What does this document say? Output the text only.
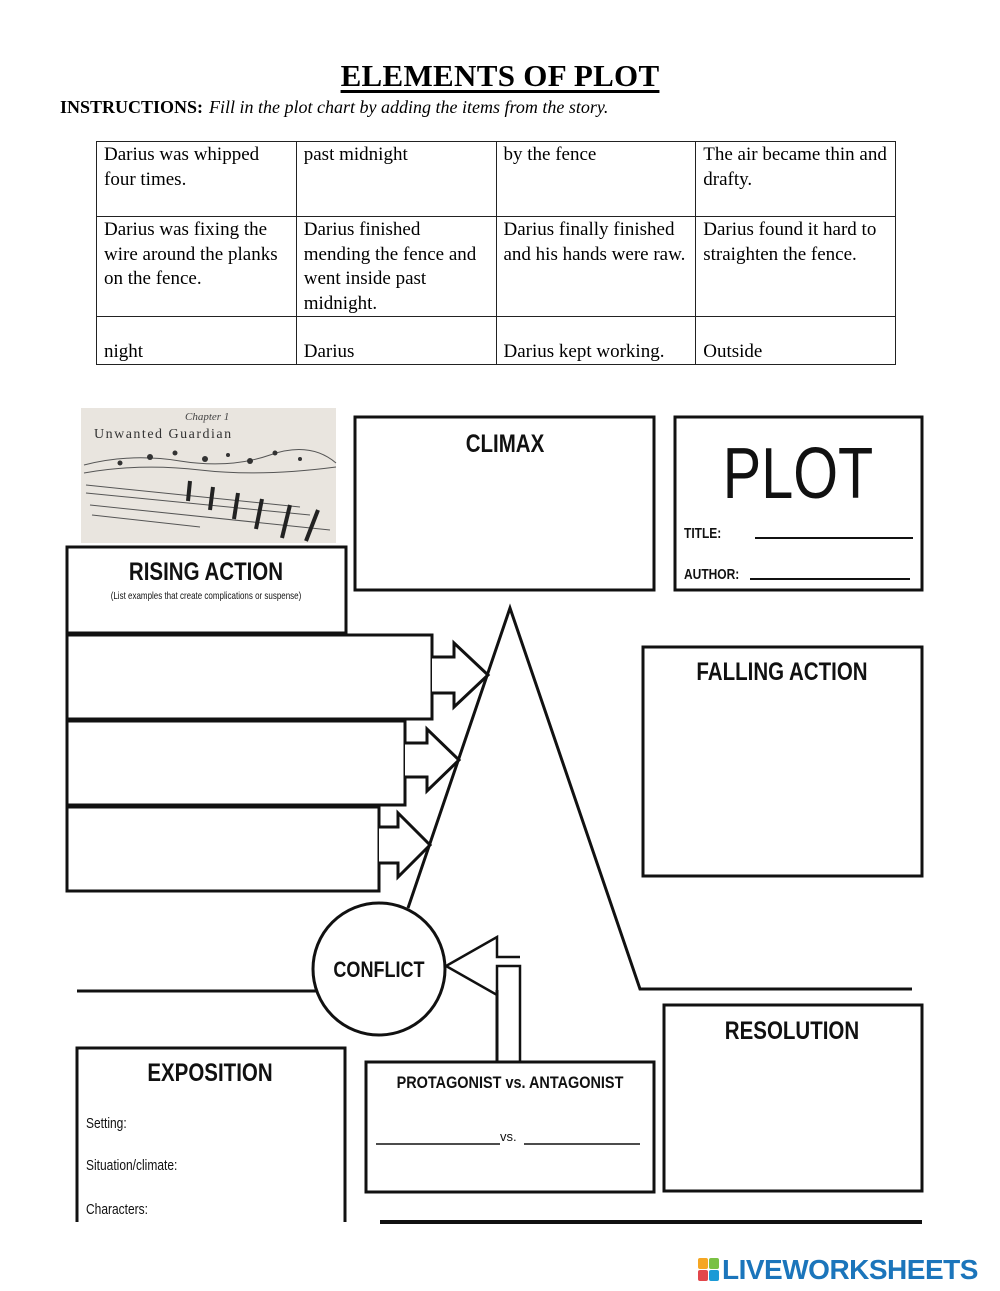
ELEMENTS OF PLOT
INSTRUCTIONS: Fill in the plot chart by adding the items from the story.
Darius was whipped four times.	past midnight	by the fence	The air became thin and drafty.
Darius was fixing the wire around the planks on the fence.	Darius finished mending the fence and went inside past midnight.	Darius finally finished and his hands were raw.	Darius found it hard to straighten the fence.
night	Darius	Darius kept working.	Outside
Chapter 1
Unwanted Guardian	CLIMAX PLOT
TITLE:
AUTHOR:
RISING ACTION
(List examples that create complications or suspense)
FALLING ACTION
CONFLICT
RESOLUTION
EXPOSITION
Setting:
Situation/climate:
Characters:
PROTAGONIST vs. ANTAGONIST
vs.
LIVEWORKSHEETS
